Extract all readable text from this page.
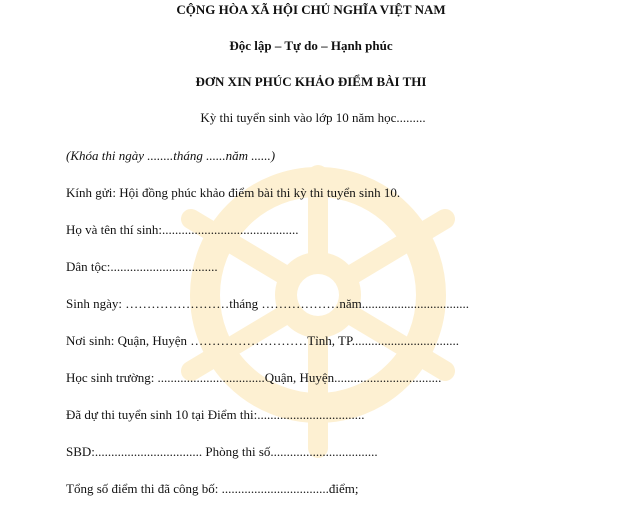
CỘNG HÒA XÃ HỘI CHỦ NGHĨA VIỆT NAM
Độc lập – Tự do – Hạnh phúc
ĐƠN XIN PHÚC KHẢO ĐIỂM BÀI THI
Kỳ thi tuyển sinh vào lớp 10 năm học.........
(Khóa thi ngày ........tháng ......năm ......)
Kính gửi: Hội đồng phúc khảo điểm bài thi kỳ thi tuyển sinh 10.
Họ và tên thí sinh:..........................................
Dân tộc:.................................
Sinh ngày: ……………………tháng ………………năm.................................
Nơi sinh: Quận, Huyện ………………………Tỉnh, TP.................................
Học sinh trường: .................................Quận, Huyện.................................
Đã dự thi tuyển sinh 10 tại Điểm thi:.................................
SBD:................................. Phòng thi số.................................
Tổng số điểm thi đã công bố: .................................điểm;
